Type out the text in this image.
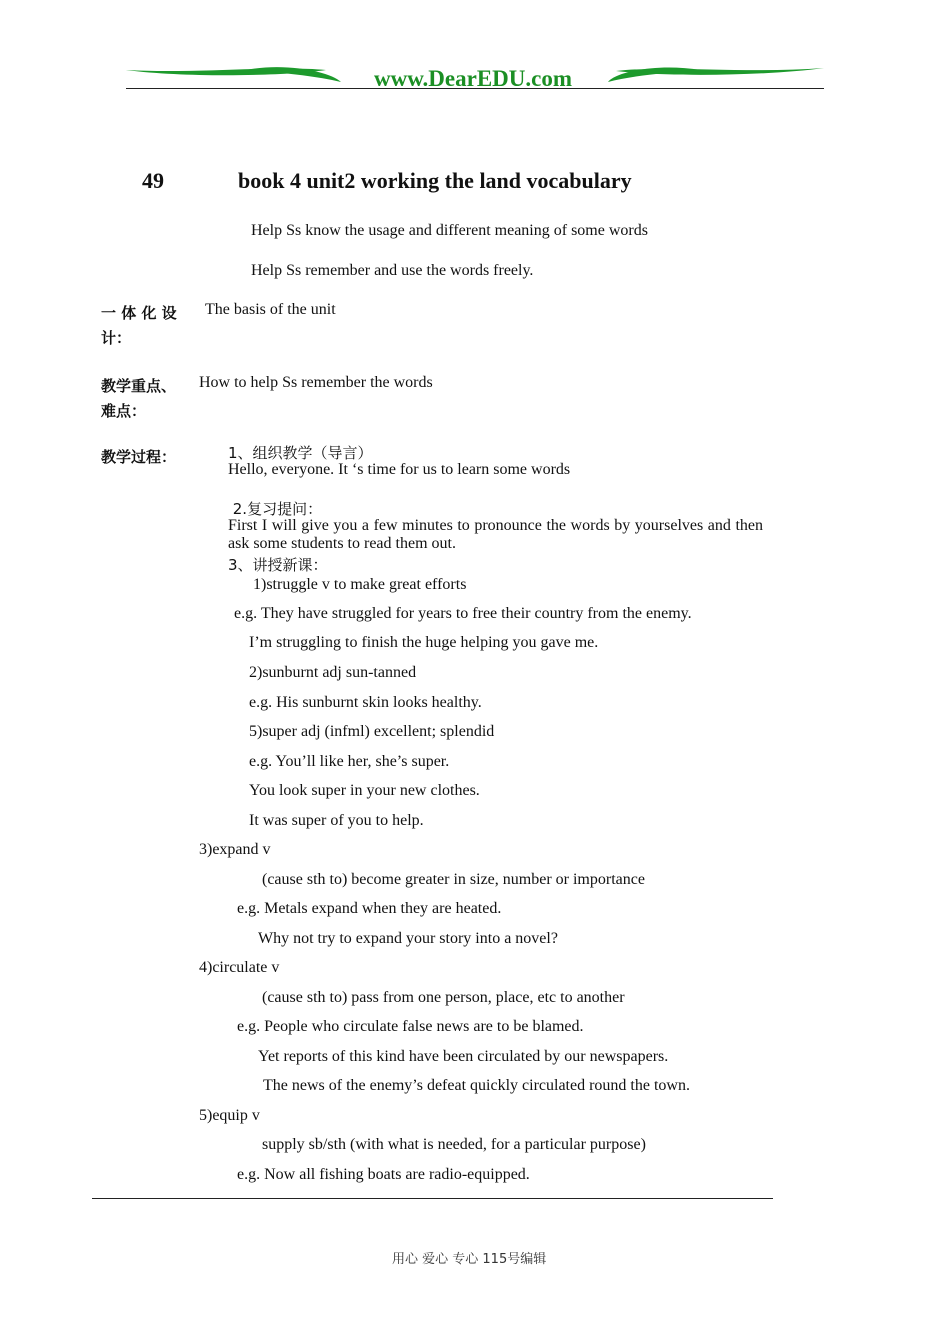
www.DearEDU.com
49	book 4 unit2 working the land vocabulary
Help Ss know the usage and different meaning of some words
Help Ss remember and use the words freely.
一 体 化 设
计：
The basis of the unit
教学重点、
难点：
How to help Ss remember the words
教学过程：	1、组织教学（导言）
Hello, everyone. It ‘s time for us to learn some words
2.复习提问：
First I will give you a few minutes to pronounce the words by yourselves and then ask some students to read them out.
3、讲授新课：
1)struggle v to make great efforts
e.g. They have struggled for years to free their country from the enemy.
I’m struggling to finish the huge helping you gave me.
2)sunburnt adj sun-tanned
e.g. His sunburnt skin looks healthy.
5)super adj (infml) excellent; splendid
e.g. You’ll like her, she’s super.
You look super in your new clothes.
It was super of you to help.
3)expand v
(cause sth to) become greater in size, number or importance
e.g. Metals expand when they are heated.
Why not try to expand your story into a novel?
4)circulate v
(cause sth to) pass from one person, place, etc to another
e.g. People who circulate false news are to be blamed.
Yet reports of this kind have been circulated by our newspapers.
The news of the enemy’s defeat quickly circulated round the town.
5)equip v
supply sb/sth (with what is needed, for a particular purpose)
e.g. Now all fishing boats are radio-equipped.
用心 爱心 专心 115号编辑
